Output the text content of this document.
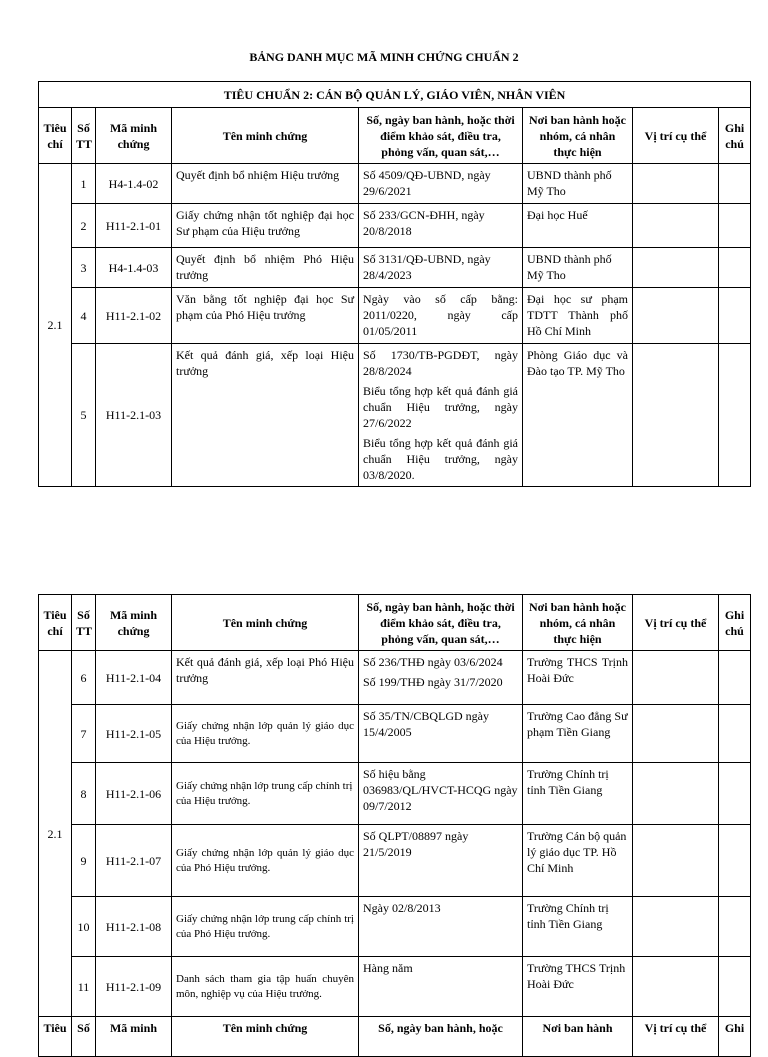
BẢNG DANH MỤC MÃ MINH CHỨNG CHUẨN 2
TIÊU CHUẨN 2: CÁN BỘ QUẢN LÝ, GIÁO VIÊN, NHÂN VIÊN							
Tiêu chí	Số TT	Mã minh chứng	Tên minh chứng	Số, ngày ban hành, hoặc thời điểm khảo sát, điều tra, phỏng vấn, quan sát,…	Nơi ban hành hoặc nhóm, cá nhân thực hiện	Vị trí cụ thể	Ghi chú
2.1	1	H4-1.4-02	Quyết định bổ nhiệm Hiệu trưởng	Số 4509/QĐ-UBND, ngày 29/6/2021	UBND thành phố Mỹ Tho		
	2	H11-2.1-01	Giấy chứng nhận tốt nghiệp đại học Sư phạm của Hiệu trưởng	Số 233/GCN-ĐHH, ngày 20/8/2018	Đại học Huế		
	3	H4-1.4-03	Quyết định bổ nhiệm Phó Hiệu trưởng	Số 3131/QĐ-UBND, ngày 28/4/2023	UBND thành phố Mỹ Tho		
	4	H11-2.1-02	Văn bằng tốt nghiệp đại học Sư phạm của Phó Hiệu trưởng	Ngày vào số cấp bằng: 2011/0220, ngày cấp 01/05/2011	Đại học sư phạm TDTT Thành phố Hồ Chí Minh		
	5	H11-2.1-03	Kết quả đánh giá, xếp loại Hiệu trưởng	Số 1730/TB-PGDĐT, ngày 28/8/2024

Biểu tổng hợp kết quả đánh giá chuẩn Hiệu trưởng, ngày 27/6/2022

Biểu tổng hợp kết quả đánh giá chuẩn Hiệu trưởng, ngày 03/8/2020.	Phòng Giáo dục và Đào tạo TP. Mỹ Tho		
Tiêu chí	Số TT	Mã minh chứng	Tên minh chứng	Số, ngày ban hành, hoặc thời điểm khảo sát, điều tra, phỏng vấn, quan sát,…	Nơi ban hành hoặc nhóm, cá nhân thực hiện	Vị trí cụ thể	Ghi chú
2.1	6	H11-2.1-04	Kết quả đánh giá, xếp loại Phó Hiệu trưởng	Số 236/THĐ ngày 03/6/2024

Số 199/THĐ ngày 31/7/2020	Trường THCS Trịnh Hoài Đức		
	7	H11-2.1-05	Giấy chứng nhận lớp quản lý giáo dục của Hiệu trưởng.	Số 35/TN/CBQLGD ngày 15/4/2005	Trường Cao đẳng Sư phạm Tiền Giang		
	8	H11-2.1-06	Giấy chứng nhận lớp trung cấp chính trị của Hiệu trưởng.	Số hiệu bằng 036983/QL/HVCT-HCQG ngày 09/7/2012	Trường Chính trị tỉnh Tiền Giang		
	9	H11-2.1-07	Giấy chứng nhận lớp quản lý giáo dục của Phó Hiệu trưởng.	Số QLPT/08897 ngày 21/5/2019	Trường Cán bộ quản lý giáo dục TP. Hồ Chí Minh		
	10	H11-2.1-08	Giấy chứng nhận lớp trung cấp chính trị của Phó Hiệu trưởng.	Ngày 02/8/2013	Trường Chính trị tỉnh Tiền Giang		
	11	H11-2.1-09	Danh sách tham gia tập huấn chuyên môn, nghiệp vụ của Hiệu trưởng.	Hàng năm	Trường THCS Trịnh Hoài Đức		
Tiêu	Số	Mã minh	Tên minh chứng	Số, ngày ban hành, hoặc	Nơi ban hành	Vị trí cụ thể	Ghi
